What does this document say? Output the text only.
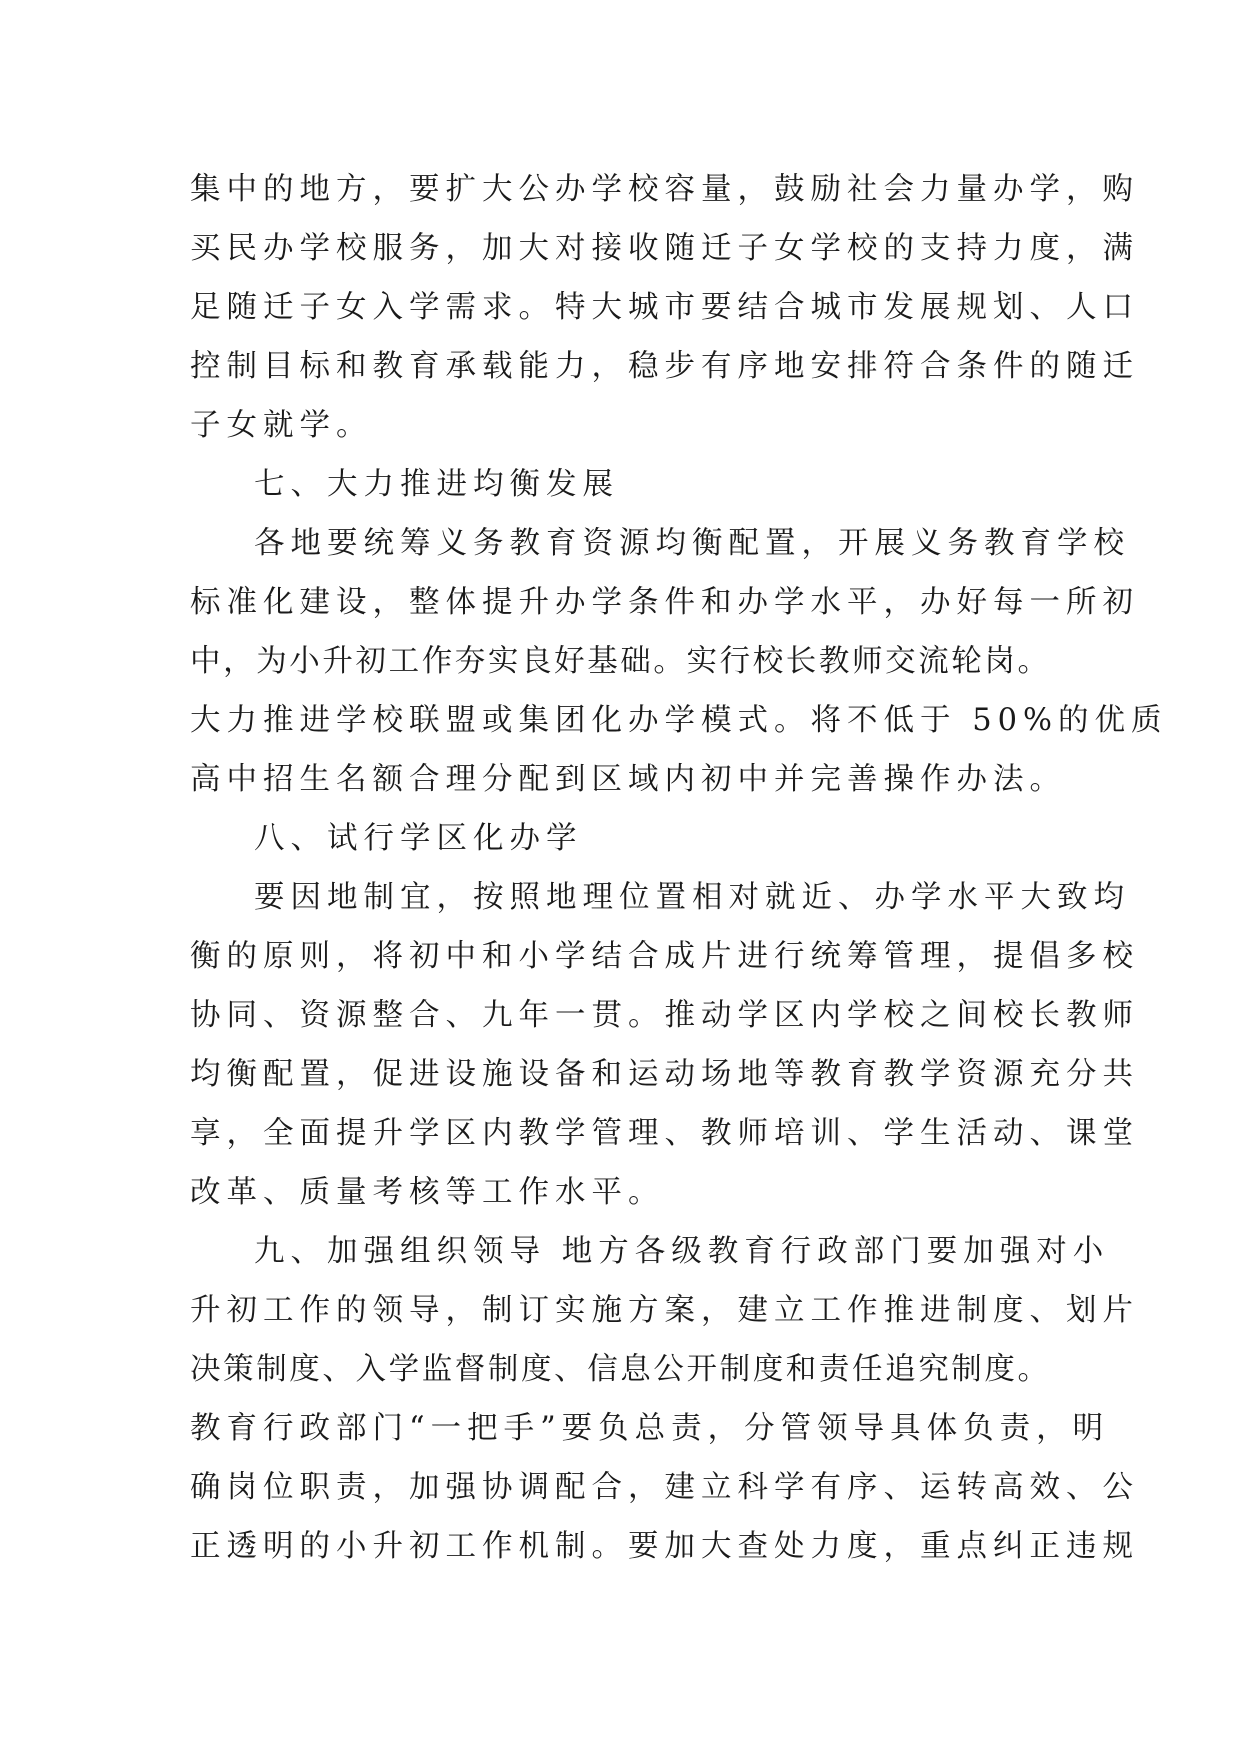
集中的地方，要扩大公办学校容量，鼓励社会力量办学，购
买民办学校服务，加大对接收随迁子女学校的支持力度，满
足随迁子女入学需求。特大城市要结合城市发展规划、人口
控制目标和教育承载能力，稳步有序地安排符合条件的随迁
子女就学。
七、大力推进均衡发展
各地要统筹义务教育资源均衡配置，开展义务教育学校
标准化建设，整体提升办学条件和办学水平，办好每一所初
中，为小升初工作夯实良好基础。实行校长教师交流轮岗。
大力推进学校联盟或集团化办学模式。将不低于 50%的优质
高中招生名额合理分配到区域内初中并完善操作办法。
八、试行学区化办学
要因地制宜，按照地理位置相对就近、办学水平大致均
衡的原则，将初中和小学结合成片进行统筹管理，提倡多校
协同、资源整合、九年一贯。推动学区内学校之间校长教师
均衡配置，促进设施设备和运动场地等教育教学资源充分共
享，全面提升学区内教学管理、教师培训、学生活动、课堂
改革、质量考核等工作水平。
九、加强组织领导 地方各级教育行政部门要加强对小
升初工作的领导，制订实施方案，建立工作推进制度、划片
决策制度、入学监督制度、信息公开制度和责任追究制度。
教育行政部门“一把手”要负总责，分管领导具体负责，明
确岗位职责，加强协调配合，建立科学有序、运转高效、公
正透明的小升初工作机制。要加大查处力度，重点纠正违规
